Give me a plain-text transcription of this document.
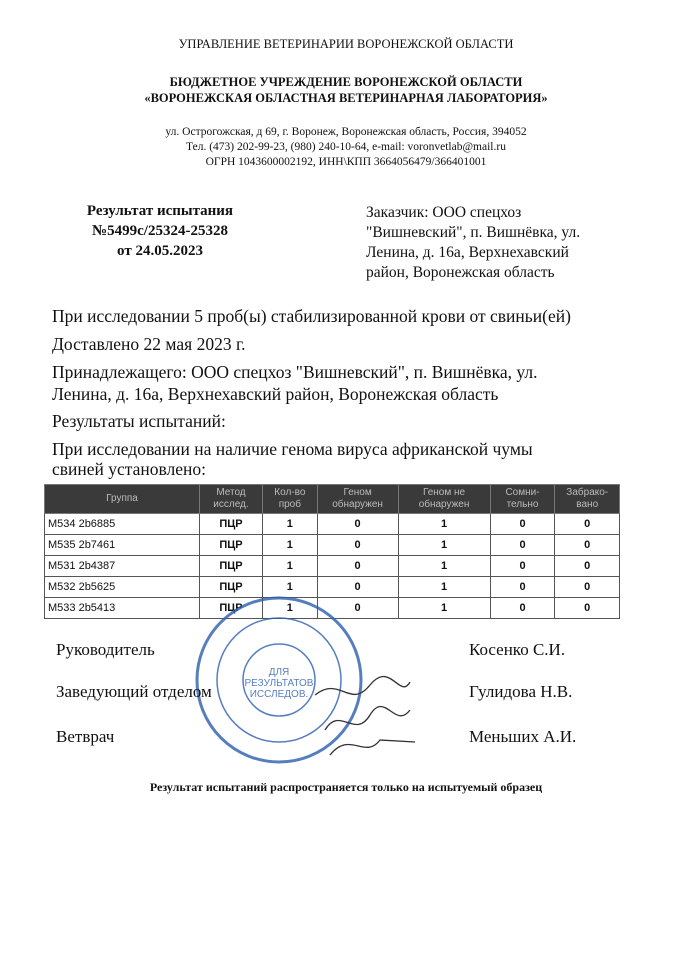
УПРАВЛЕНИЕ ВЕТЕРИНАРИИ ВОРОНЕЖСКОЙ ОБЛАСТИ
БЮДЖЕТНОЕ УЧРЕЖДЕНИЕ ВОРОНЕЖСКОЙ ОБЛАСТИ
«ВОРОНЕЖСКАЯ ОБЛАСТНАЯ ВЕТЕРИНАРНАЯ ЛАБОРАТОРИЯ»
ул. Острогожская, д 69, г. Воронеж, Воронежская область, Россия, 394052
Тел. (473) 202-99-23, (980) 240-10-64, e-mail: voronvetlab@mail.ru
ОГРН 1043600002192, ИНН\КПП 3664056479/366401001
Результат испытания
№5499с/25324-25328
от 24.05.2023
Заказчик: ООО спецхоз
"Вишневский", п. Вишнёвка, ул.
Ленина, д. 16а, Верхнехавский
район, Воронежская область
При исследовании 5 проб(ы) стабилизированной крови от свиньи(ей)
Доставлено 22 мая 2023 г.
Принадлежащего: ООО спецхоз "Вишневский", п. Вишнёвка, ул.
Ленина, д. 16а, Верхнехавский район, Воронежская область
Результаты испытаний:
При исследовании на наличие генома вируса африканской чумы
свиней установлено:
Группа	Метод исслед.	Кол-во проб	Геном обнаружен	Геном не обнаружен	Сомни-тельно	Забрако-вано
M534 2b6885	ПЦР	1	0	1	0	0
M535 2b7461	ПЦР	1	0	1	0	0
M531 2b4387	ПЦР	1	0	1	0	0
M532 2b5625	ПЦР	1	0	1	0	0
M533 2b5413	ПЦР	1	0	1	0	0
ДЛЯ
РЕЗУЛЬТАТОВ
ИССЛЕДОВ.
Руководитель	Косенко С.И.
Заведующий отделом	Гулидова Н.В.
Ветврач	Меньших А.И.
Результат испытаний распространяется только на испытуемый образец
